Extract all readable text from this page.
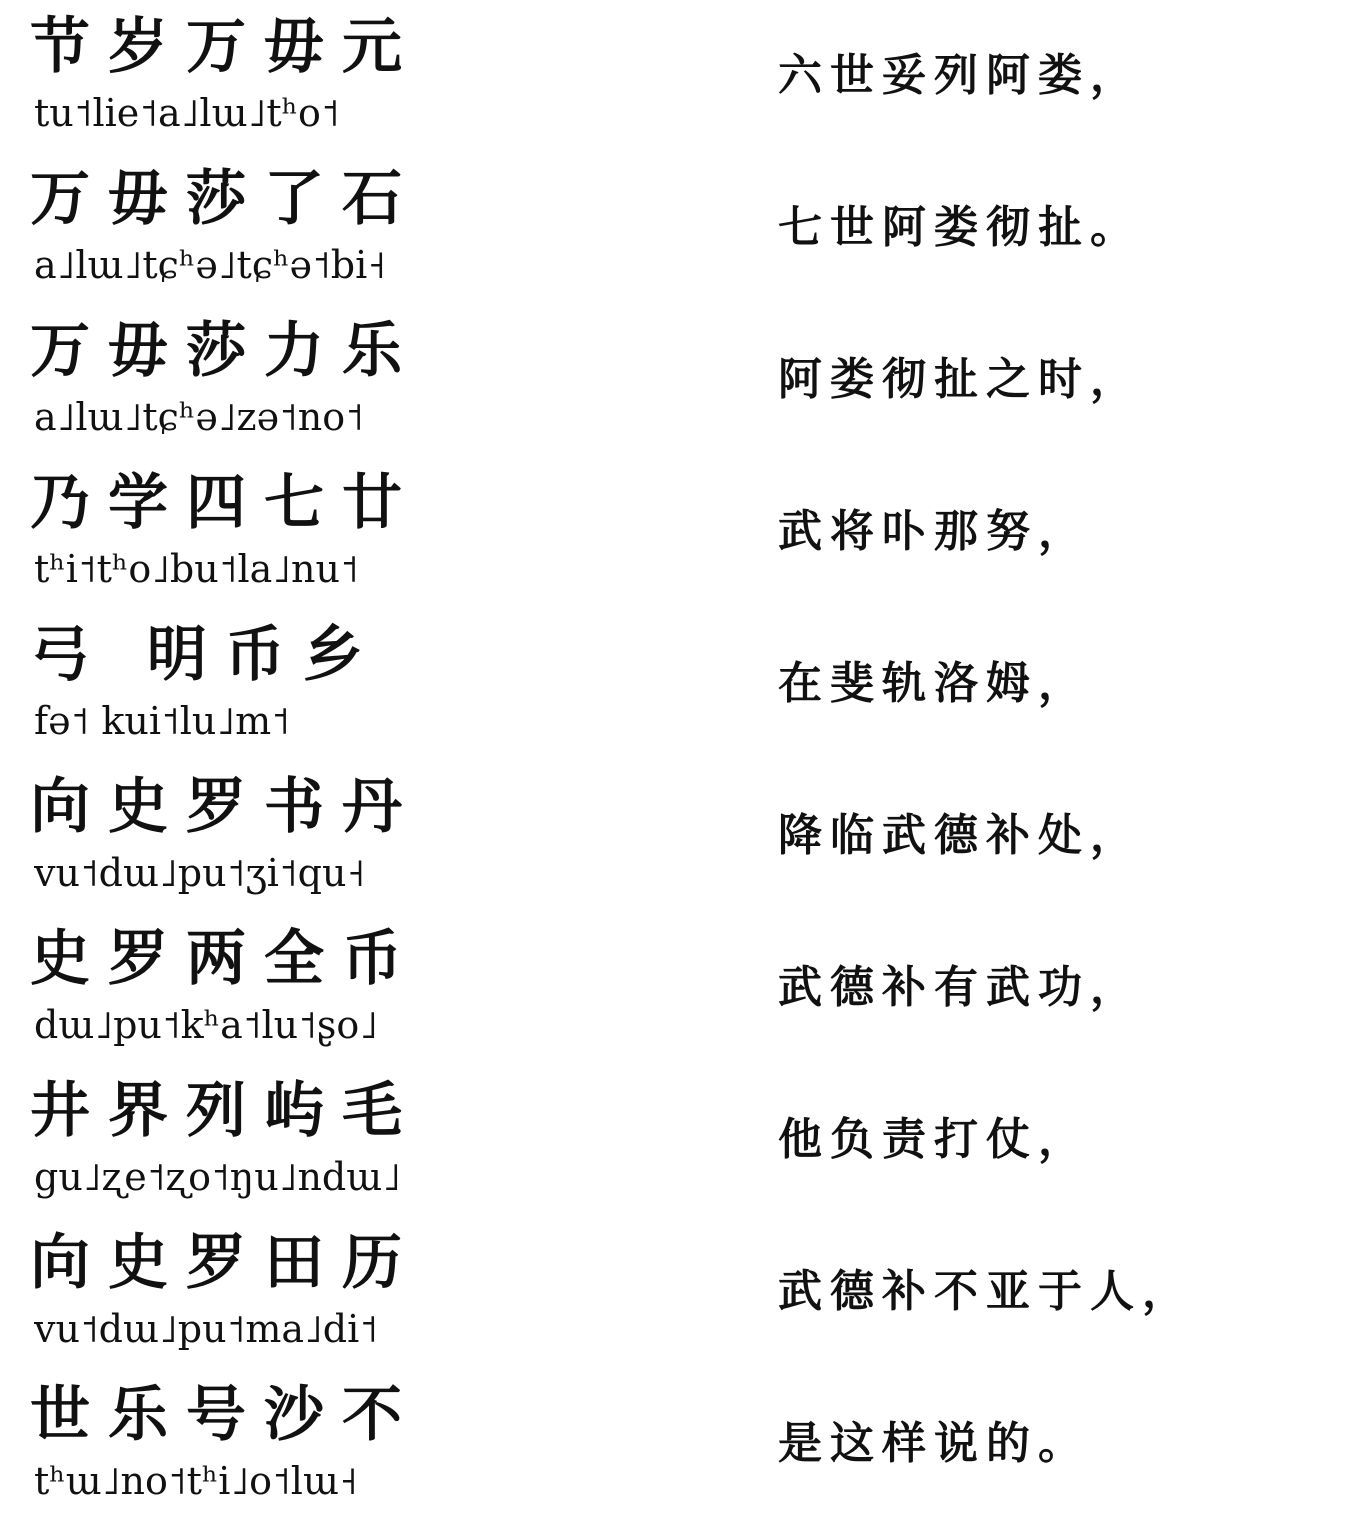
节岁万毋元
tu˦lie˦a˩lɯ˩tʰo˦
六世妥列阿娄，
万毋莎了石
a˩lɯ˩tɕʰə˩tɕʰə˦bi˧
七世阿娄彻扯。
万毋莎力乐
a˩lɯ˩tɕʰə˩zə˦no˦
阿娄彻扯之时，
乃学四七廿
tʰi˦tʰo˩bu˦la˩nu˦
武将卟那努，
弓 明币乡
fə˦ kui˦lu˩m˦
在斐轨洛姆，
向史罗书丹
vu˦dɯ˩pu˦ʒi˦qu˧
降临武德补处，
史罗两全币
dɯ˩pu˦kʰa˦lu˦ʂo˩
武德补有武功，
井界列屿毛
gu˩ʐe˦ʐo˦ŋu˩ndɯ˩
他负责打仗，
向史罗田历
vu˦dɯ˩pu˦ma˩di˦
武德补不亚于人，
世乐号沙不
tʰɯ˩no˦tʰi˩o˦lɯ˧
是这样说的。
